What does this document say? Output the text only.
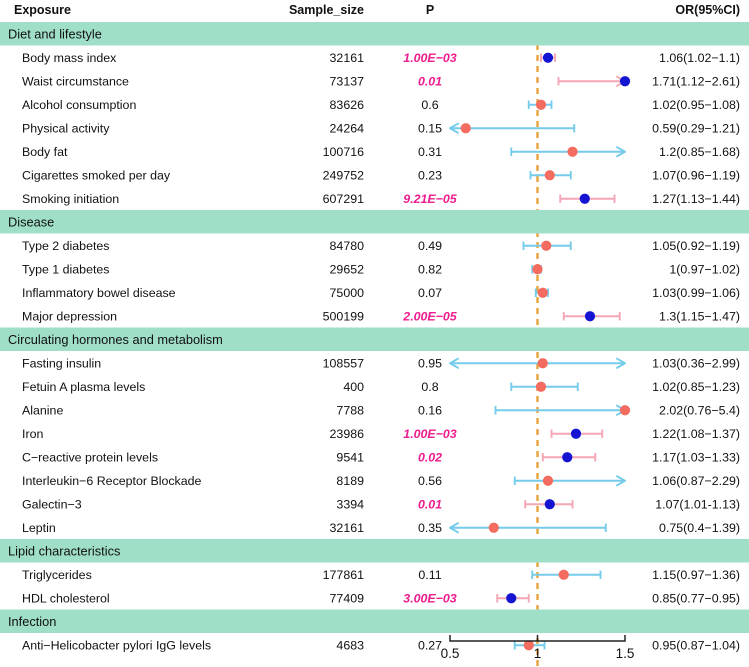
Exposure	Sample_size	P	OR(95%CI)
Diet and lifestyle
Body mass index	32161	1.00E−03	1.06(1.02−1.1)
Waist circumstance	73137	0.01	1.71(1.12−2.61)
Alcohol consumption	83626	0.6	1.02(0.95−1.08)
Physical activity	24264	0.15	0.59(0.29−1.21)
Body fat	100716	0.31	1.2(0.85−1.68)
Cigarettes smoked per day	249752	0.23	1.07(0.96−1.19)
Smoking initiation	607291	9.21E−05	1.27(1.13−1.44)
Disease
Type 2 diabetes	84780	0.49	1.05(0.92−1.19)
Type 1 diabetes	29652	0.82	1(0.97−1.02)
Inflammatory bowel disease	75000	0.07	1.03(0.99−1.06)
Major depression	500199	2.00E−05	1.3(1.15−1.47)
Circulating hormones and metabolism
Fasting insulin	108557	0.95	1.03(0.36−2.99)
Fetuin A plasma levels	400	0.8	1.02(0.85−1.23)
Alanine	7788	0.16	2.02(0.76−5.4)
Iron	23986	1.00E−03	1.22(1.08−1.37)
C−reactive protein levels	9541	0.02	1.17(1.03−1.33)
Interleukin−6 Receptor Blockade	8189	0.56	1.06(0.87−2.29)
Galectin−3	3394	0.01	1.07(1.01-1.13)
Leptin	32161	0.35	0.75(0.4−1.39)
Lipid characteristics
Triglycerides	177861	0.11	1.15(0.97−1.36)
HDL cholesterol	77409	3.00E−03	0.85(0.77−0.95)
Infection
Anti−Helicobacter pylori IgG levels	4683	0.27	0.95(0.87−1.04)
0.5	1	1.5
